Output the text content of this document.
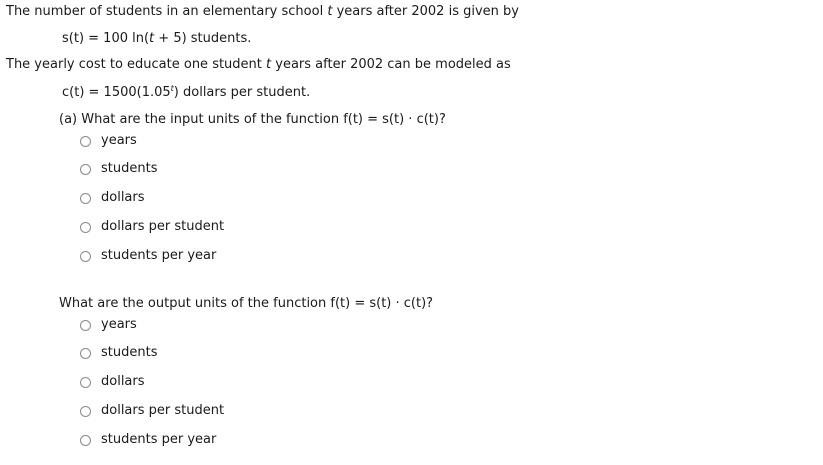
The number of students in an elementary school t years after 2002 is given by
s(t) = 100 ln(t + 5) students.
The yearly cost to educate one student t years after 2002 can be modeled as
$c(t) = 1500(1.05^t)$ dollars per student.
(a) What are the input units of the function f(t) = s(t) · c(t)?
years
students
dollars
dollars per student
students per year
What are the output units of the function f(t) = s(t) · c(t)?
years
students
dollars
dollars per student
students per year
